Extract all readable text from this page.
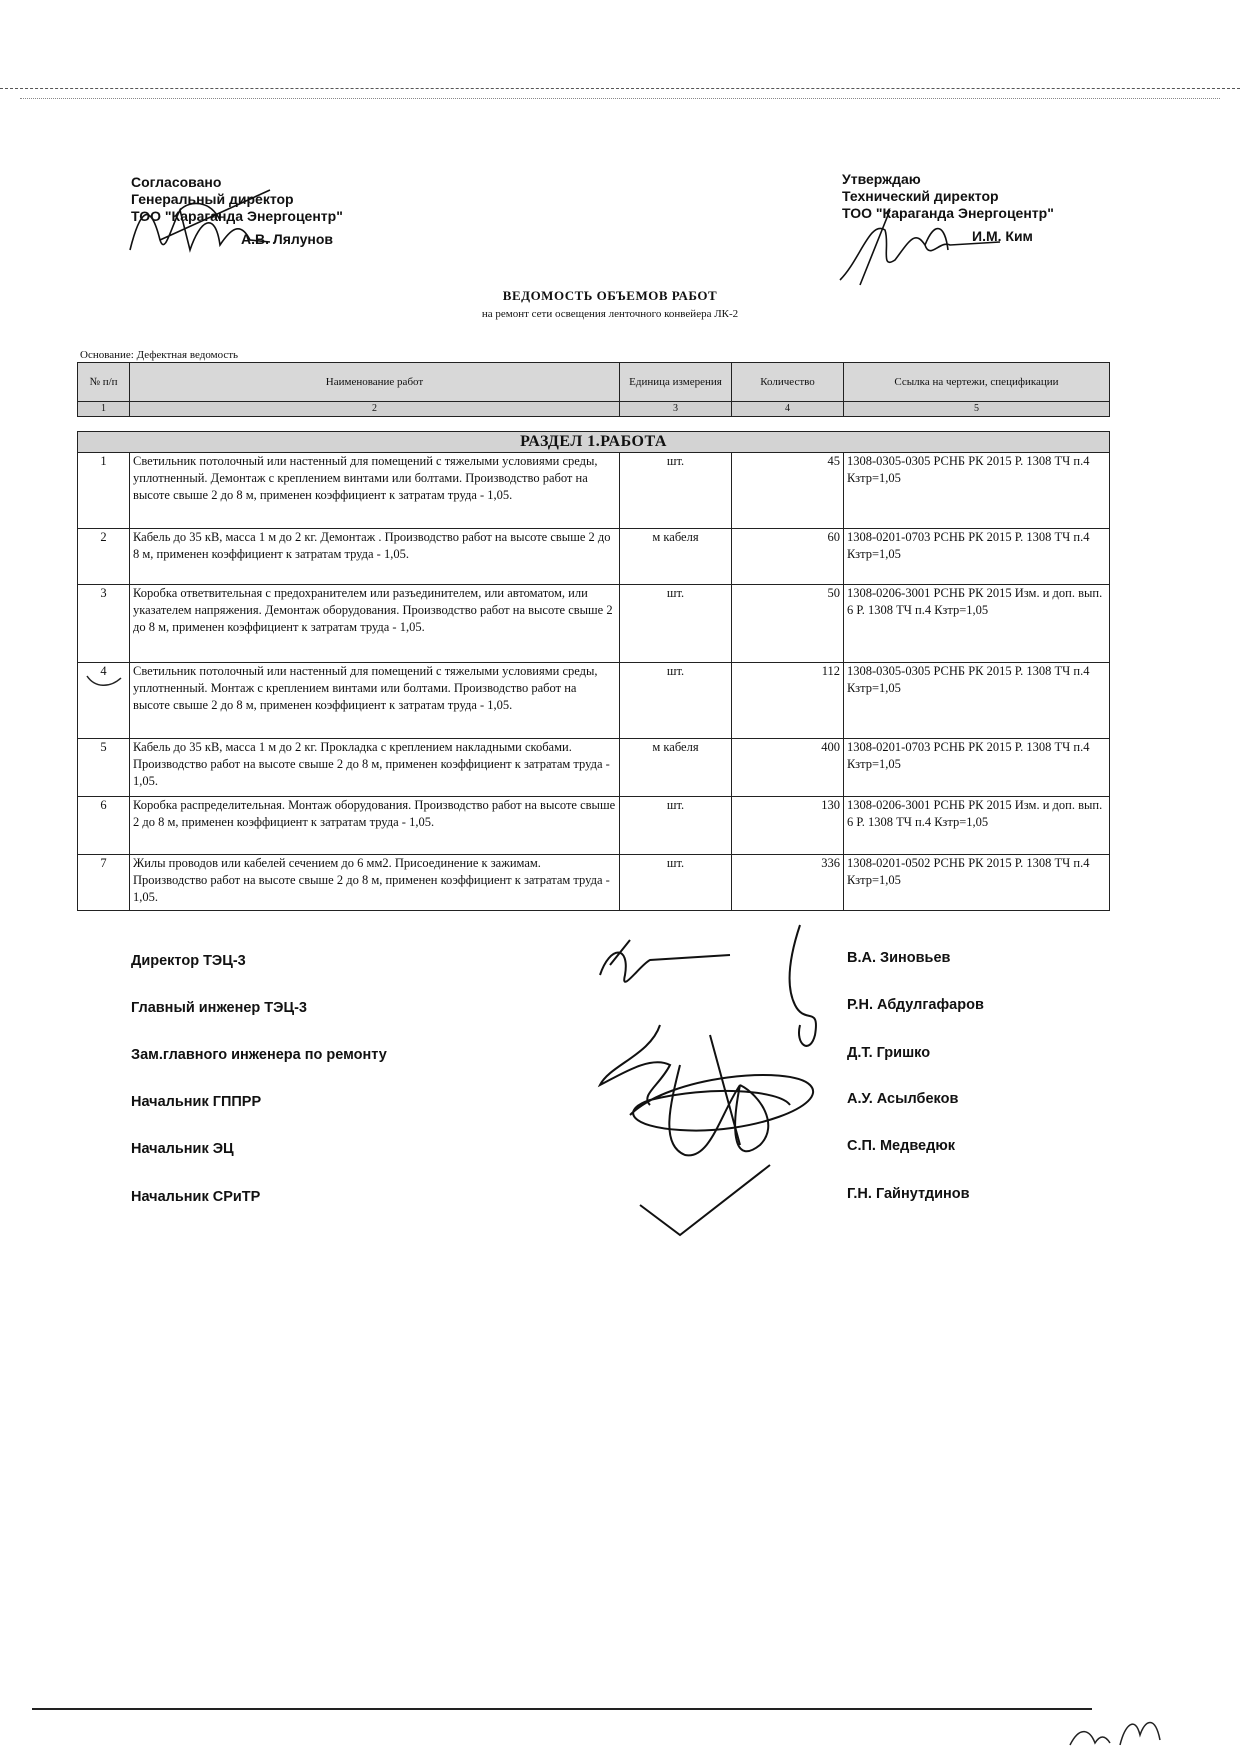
Согласовано
Генеральный директор
ТОО "Караганда Энергоцентр"
А.В. Лялунов
Утверждаю
Технический директор
ТОО "Караганда Энергоцентр"
И.М. Ким
ВЕДОМОСТЬ ОБЪЕМОВ РАБОТ
на ремонт сети освещения ленточного конвейера ЛК-2
Основание: Дефектная ведомость
№ п/п	Наименование работ	Единица измерения	Количество	Ссылка на чертежи, спецификации
1	2	3	4	5

РАЗДЕЛ 1.РАБОТА				
1	Светильник потолочный или настенный для помещений с тяжелыми условиями среды, уплотненный. Демонтаж с креплением винтами или болтами. Производство работ на высоте свыше 2 до 8 м, применен коэффициент к затратам труда - 1,05.	шт.	45	1308-0305-0305 РСНБ РК 2015 Р. 1308 ТЧ п.4 Кзтр=1,05
2	Кабель до 35 кВ, масса 1 м до 2 кг. Демонтаж . Производство работ на высоте свыше 2 до 8 м, применен коэффициент к затратам труда - 1,05.	м кабеля	60	1308-0201-0703 РСНБ РК 2015 Р. 1308 ТЧ п.4 Кзтр=1,05
3	Коробка ответвительная с предохранителем или разъединителем, или автоматом, или указателем напряжения. Демонтаж оборудования. Производство работ на высоте свыше 2 до 8 м, применен коэффициент к затратам труда - 1,05.	шт.	50	1308-0206-3001 РСНБ РК 2015 Изм. и доп. вып. 6 Р. 1308 ТЧ п.4 Кзтр=1,05
4	Светильник потолочный или настенный для помещений с тяжелыми условиями среды, уплотненный. Монтаж с креплением винтами или болтами. Производство работ на высоте свыше 2 до 8 м, применен коэффициент к затратам труда - 1,05.	шт.	112	1308-0305-0305 РСНБ РК 2015 Р. 1308 ТЧ п.4 Кзтр=1,05
5	Кабель до 35 кВ, масса 1 м до 2 кг. Прокладка с креплением накладными скобами. Производство работ на высоте свыше 2 до 8 м, применен коэффициент к затратам труда - 1,05.	м кабеля	400	1308-0201-0703 РСНБ РК 2015 Р. 1308 ТЧ п.4 Кзтр=1,05
6	Коробка распределительная. Монтаж оборудования. Производство работ на высоте свыше 2 до 8 м, применен коэффициент к затратам труда - 1,05.	шт.	130	1308-0206-3001 РСНБ РК 2015 Изм. и доп. вып. 6 Р. 1308 ТЧ п.4 Кзтр=1,05
7	Жилы проводов или кабелей сечением до 6 мм2. Присоединение к зажимам. Производство работ на высоте свыше 2 до 8 м, применен коэффициент к затратам труда - 1,05.	шт.	336	1308-0201-0502 РСНБ РК 2015 Р. 1308 ТЧ п.4 Кзтр=1,05
Директор ТЭЦ-3	В.А. Зиновьев
Главный инженер ТЭЦ-3	Р.Н. Абдулгафаров
Зам.главного инженера по ремонту	Д.Т. Гришко
Начальник ГППРР	А.У. Асылбеков
Начальник ЭЦ	С.П. Медведюк
Начальник СРиТР	Г.Н. Гайнутдинов
